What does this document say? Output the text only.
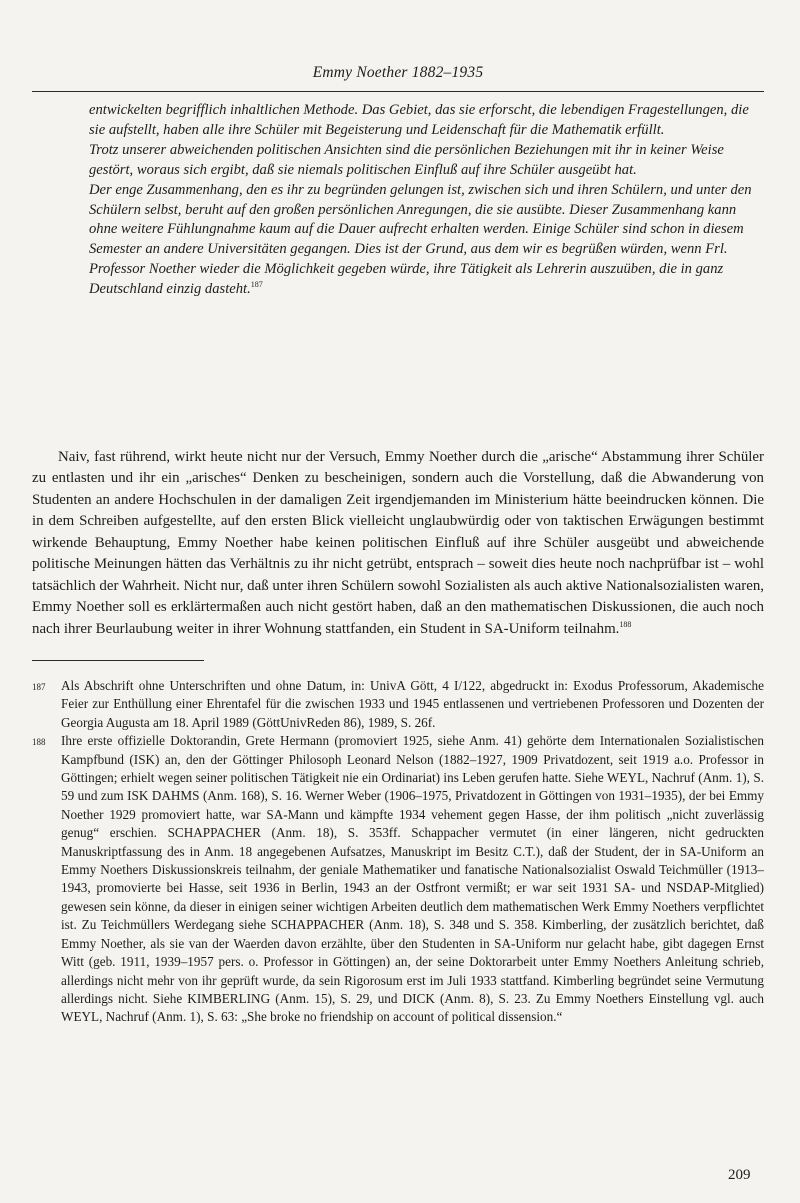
Emmy Noether 1882–1935

entwickelten begrifflich inhaltlichen Methode. Das Gebiet, das sie erforscht, die lebendigen Fragestellungen, die sie aufstellt, haben alle ihre Schüler mit Begeisterung und Leidenschaft für die Mathematik erfüllt.

Trotz unserer abweichenden politischen Ansichten sind die persönlichen Beziehungen mit ihr in keiner Weise gestört, woraus sich ergibt, daß sie niemals politischen Einfluß auf ihre Schüler ausgeübt hat.

Der enge Zusammenhang, den es ihr zu begründen gelungen ist, zwischen sich und ihren Schülern, und unter den Schülern selbst, beruht auf den großen persönlichen Anregungen, die sie ausübte. Dieser Zusammenhang kann ohne weitere Fühlungnahme kaum auf die Dauer aufrecht erhalten werden. Einige Schüler sind schon in diesem Semester an andere Universitäten gegangen. Dies ist der Grund, aus dem wir es begrüßen würden, wenn Frl. Professor Noether wieder die Möglichkeit gegeben würde, ihre Tätigkeit als Lehrerin auszuüben, die in ganz Deutschland einzig dasteht.$^{187}$

Naiv, fast rührend, wirkt heute nicht nur der Versuch, Emmy Noether durch die „arische“ Abstammung ihrer Schüler zu entlasten und ihr ein „arisches“ Denken zu bescheinigen, sondern auch die Vorstellung, daß die Abwanderung von Studenten an andere Hochschulen in der damaligen Zeit irgendjemanden im Ministerium hätte beeindrucken können. Die in dem Schreiben aufgestellte, auf den ersten Blick vielleicht unglaubwürdig oder von taktischen Erwägungen bestimmt wirkende Behauptung, Emmy Noether habe keinen politischen Einfluß auf ihre Schüler ausgeübt und abweichende politische Meinungen hätten das Verhältnis zu ihr nicht getrübt, entsprach – soweit dies heute noch nachprüfbar ist – wohl tatsächlich der Wahrheit. Nicht nur, daß unter ihren Schülern sowohl Sozialisten als auch aktive Nationalsozialisten waren, Emmy Noether soll es erklärtermaßen auch nicht gestört haben, daß an den mathematischen Diskussionen, die auch noch nach ihrer Beurlaubung weiter in ihrer Wohnung stattfanden, ein Student in SA-Uniform teilnahm.$^{188}$

187 Als Abschrift ohne Unterschriften und ohne Datum, in: UnivA Gött, 4 I/122, abgedruckt in: Exodus Professorum, Akademische Feier zur Enthüllung einer Ehrentafel für die zwischen 1933 und 1945 entlassenen und vertriebenen Professoren und Dozenten der Georgia Augusta am 18. April 1989 (GöttUnivReden 86), 1989, S. 26f.
188 Ihre erste offizielle Doktorandin, Grete Hermann (promoviert 1925, siehe Anm. 41) gehörte dem Internationalen Sozialistischen Kampfbund (ISK) an, den der Göttinger Philosoph Leonard Nelson (1882–1927, 1909 Privatdozent, seit 1919 a.o. Professor in Göttingen; erhielt wegen seiner politischen Tätigkeit nie ein Ordinariat) ins Leben gerufen hatte. Siehe WEYL, Nachruf (Anm. 1), S. 59 und zum ISK DAHMS (Anm. 168), S. 16. Werner Weber (1906–1975, Privatdozent in Göttingen von 1931–1935), der bei Emmy Noether 1929 promoviert hatte, war SA-Mann und kämpfte 1934 vehement gegen Hasse, der ihm politisch „nicht zuverlässig genug“ erschien. SCHAPPACHER (Anm. 18), S. 353ff. Schappacher vermutet (in einer längeren, nicht gedruckten Manuskriptfassung des in Anm. 18 angegebenen Aufsatzes, Manuskript im Besitz C.T.), daß der Student, der in SA-Uniform an Emmy Noethers Diskussionskreis teilnahm, der geniale Mathematiker und fanatische Nationalsozialist Oswald Teichmüller (1913–1943, promovierte bei Hasse, seit 1936 in Berlin, 1943 an der Ostfront vermißt; er war seit 1931 SA- und NSDAP-Mitglied) gewesen sein könne, da dieser in einigen seiner wichtigen Arbeiten deutlich dem mathematischen Werk Emmy Noethers verpflichtet ist. Zu Teichmüllers Werdegang siehe SCHAPPACHER (Anm. 18), S. 348 und S. 358. Kimberling, der zusätzlich berichtet, daß Emmy Noether, als sie van der Waerden davon erzählte, über den Studenten in SA-Uniform nur gelacht habe, gibt dagegen Ernst Witt (geb. 1911, 1939–1957 pers. o. Professor in Göttingen) an, der seine Doktorarbeit unter Emmy Noethers Anleitung schrieb, allerdings nicht mehr von ihr geprüft wurde, da sein Rigorosum erst im Juli 1933 stattfand. Kimberling begründet seine Vermutung allerdings nicht. Siehe KIMBERLING (Anm. 15), S. 29, und DICK (Anm. 8), S. 23. Zu Emmy Noethers Einstellung vgl. auch WEYL, Nachruf (Anm. 1), S. 63: „She broke no friendship on account of political dissension.“
209
